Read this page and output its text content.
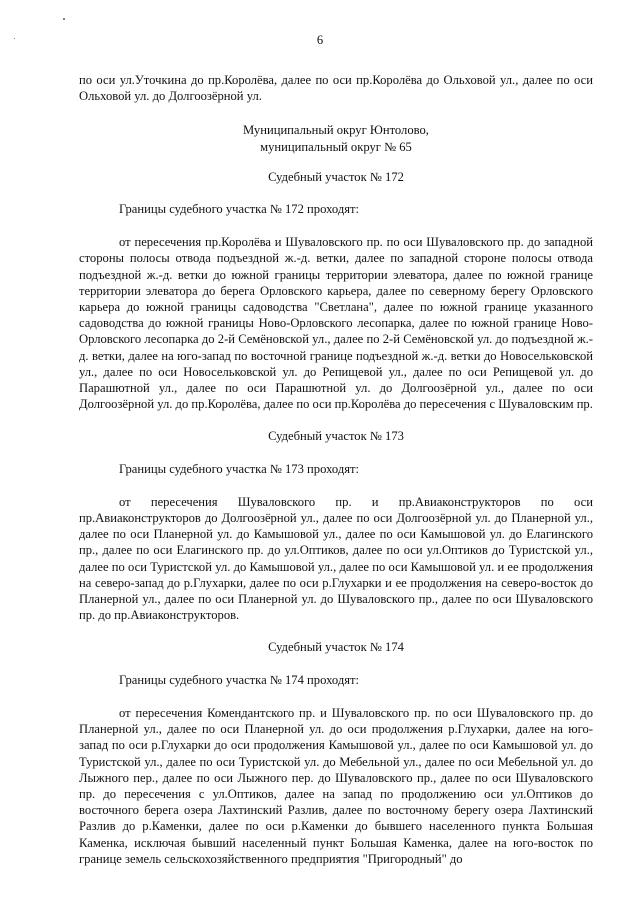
6

по оси ул.Уточкина до пр.Королёва, далее по оси пр.Королёва до Ольховой ул., далее по оси Ольховой ул. до Долгоозёрной ул.

Муниципальный округ Юнтолово,

муниципальный округ № 65

Судебный участок № 172

Границы судебного участка № 172 проходят:

от пересечения пр.Королёва и Шуваловского пр. по оси Шуваловского пр. до западной стороны полосы отвода подъездной ж.-д. ветки, далее по западной стороне полосы отвода подъездной ж.-д. ветки до южной границы территории элеватора, далее по южной границе территории элеватора до берега Орловского карьера, далее по северному берегу Орловского карьера до южной границы садоводства "Светлана", далее по южной границе указанного садоводства до южной границы Ново-Орловского лесопарка, далее по южной границе Ново-Орловского лесопарка до 2-й Семёновской ул., далее по 2-й Семёновской ул. до подъездной ж.-д. ветки, далее на юго-запад по восточной границе подъездной ж.-д. ветки до Новосельковской ул., далее по оси Новосельковской ул. до Репищевой ул., далее по оси Репищевой ул. до Парашютной ул., далее по оси Парашютной ул. до Долгоозёрной ул., далее по оси Долгоозёрной ул. до пр.Королёва, далее по оси пр.Королёва до пересечения с Шуваловским пр.

Судебный участок № 173

Границы судебного участка № 173 проходят:

от пересечения Шуваловского пр. и пр.Авиаконструкторов по оси пр.Авиаконструкторов до Долгоозёрной ул., далее по оси Долгоозёрной ул. до Планерной ул., далее по оси Планерной ул. до Камышовой ул., далее по оси Камышовой ул. до Елагинского пр., далее по оси Елагинского пр. до ул.Оптиков, далее по оси ул.Оптиков до Туристской ул., далее по оси Туристской ул. до Камышовой ул., далее по оси Камышовой ул. и ее продолжения на северо-запад до р.Глухарки, далее по оси р.Глухарки и ее продолжения на северо-восток до Планерной ул., далее по оси Планерной ул. до Шуваловского пр., далее по оси Шуваловского пр. до пр.Авиаконструкторов.

Судебный участок № 174

Границы судебного участка № 174 проходят:

от пересечения Комендантского пр. и Шуваловского пр. по оси Шуваловского пр. до Планерной ул., далее по оси Планерной ул. до оси продолжения р.Глухарки, далее на юго-запад по оси р.Глухарки до оси продолжения Камышовой ул., далее по оси Камышовой ул. до Туристской ул., далее по оси Туристской ул. до Мебельной ул., далее по оси Мебельной ул. до Лыжного пер., далее по оси Лыжного пер. до Шуваловского пр., далее по оси Шуваловского пр. до пересечения с ул.Оптиков, далее на запад по продолжению оси ул.Оптиков до восточного берега озера Лахтинский Разлив, далее по восточному берегу озера Лахтинский Разлив до р.Каменки, далее по оси р.Каменки до бывшего населенного пункта Большая Каменка, исключая бывший населенный пункт Большая Каменка, далее на юго-восток по границе земель сельскохозяйственного предприятия "Пригородный" до
